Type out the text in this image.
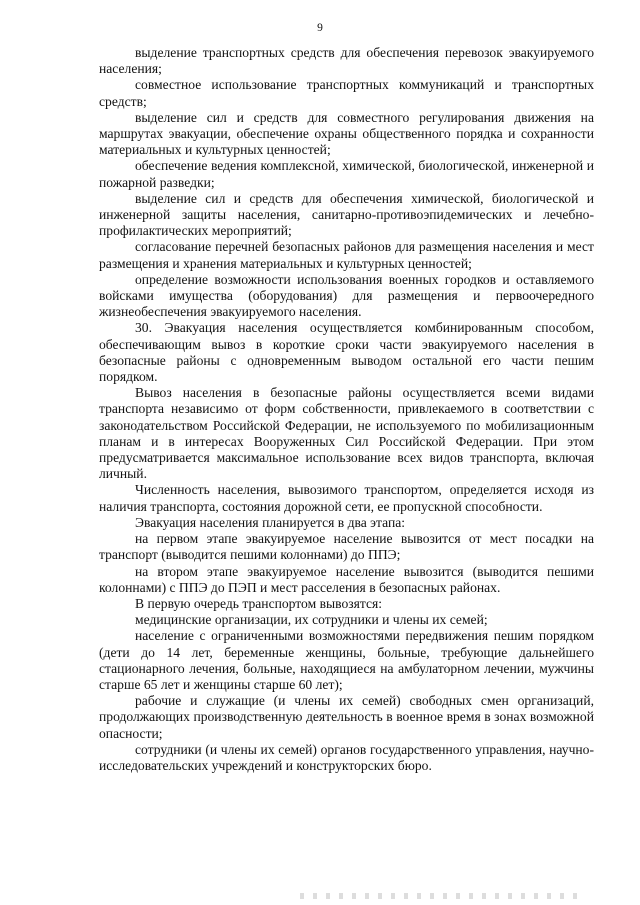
9

выделение транспортных средств для обеспечения перевозок эвакуируемого населения;

совместное использование транспортных коммуникаций и транспортных средств;

выделение сил и средств для совместного регулирования движения на маршрутах эвакуации, обеспечение охраны общественного порядка и сохранности материальных и культурных ценностей;

обеспечение ведения комплексной, химической, биологической, инженерной и пожарной разведки;

выделение сил и средств для обеспечения химической, биологической и инженерной защиты населения, санитарно-противоэпидемических и лечебно-профилактических мероприятий;

согласование перечней безопасных районов для размещения населения и мест размещения и хранения материальных и культурных ценностей;

определение возможности использования военных городков и оставляемого войсками имущества (оборудования) для размещения и первоочередного жизнеобеспечения эвакуируемого населения.

30. Эвакуация населения осуществляется комбинированным способом, обеспечивающим вывоз в короткие сроки части эвакуируемого населения в безопасные районы с одновременным выводом остальной его части пешим порядком.

Вывоз населения в безопасные районы осуществляется всеми видами транспорта независимо от форм собственности, привлекаемого в соответствии с законодательством Российской Федерации, не используемого по мобилизационным планам и в интересах Вооруженных Сил Российской Федерации. При этом предусматривается максимальное использование всех видов транспорта, включая личный.

Численность населения, вывозимого транспортом, определяется исходя из наличия транспорта, состояния дорожной сети, ее пропускной способности.

Эвакуация населения планируется в два этапа:

на первом этапе эвакуируемое население вывозится от мест посадки на транспорт (выводится пешими колоннами) до ППЭ;

на втором этапе эвакуируемое население вывозится (выводится пешими колоннами) с ППЭ до ПЭП и мест расселения в безопасных районах.

В первую очередь транспортом вывозятся:

медицинские организации, их сотрудники и члены их семей;

население с ограниченными возможностями передвижения пешим порядком (дети до 14 лет, беременные женщины, больные, требующие дальнейшего стационарного лечения, больные, находящиеся на амбулаторном лечении, мужчины старше 65 лет и женщины старше 60 лет);

рабочие и служащие (и члены их семей) свободных смен организаций, продолжающих производственную деятельность в военное время в зонах возможной опасности;

сотрудники (и члены их семей) органов государственного управления, научно-исследовательских учреждений и конструкторских бюро.
